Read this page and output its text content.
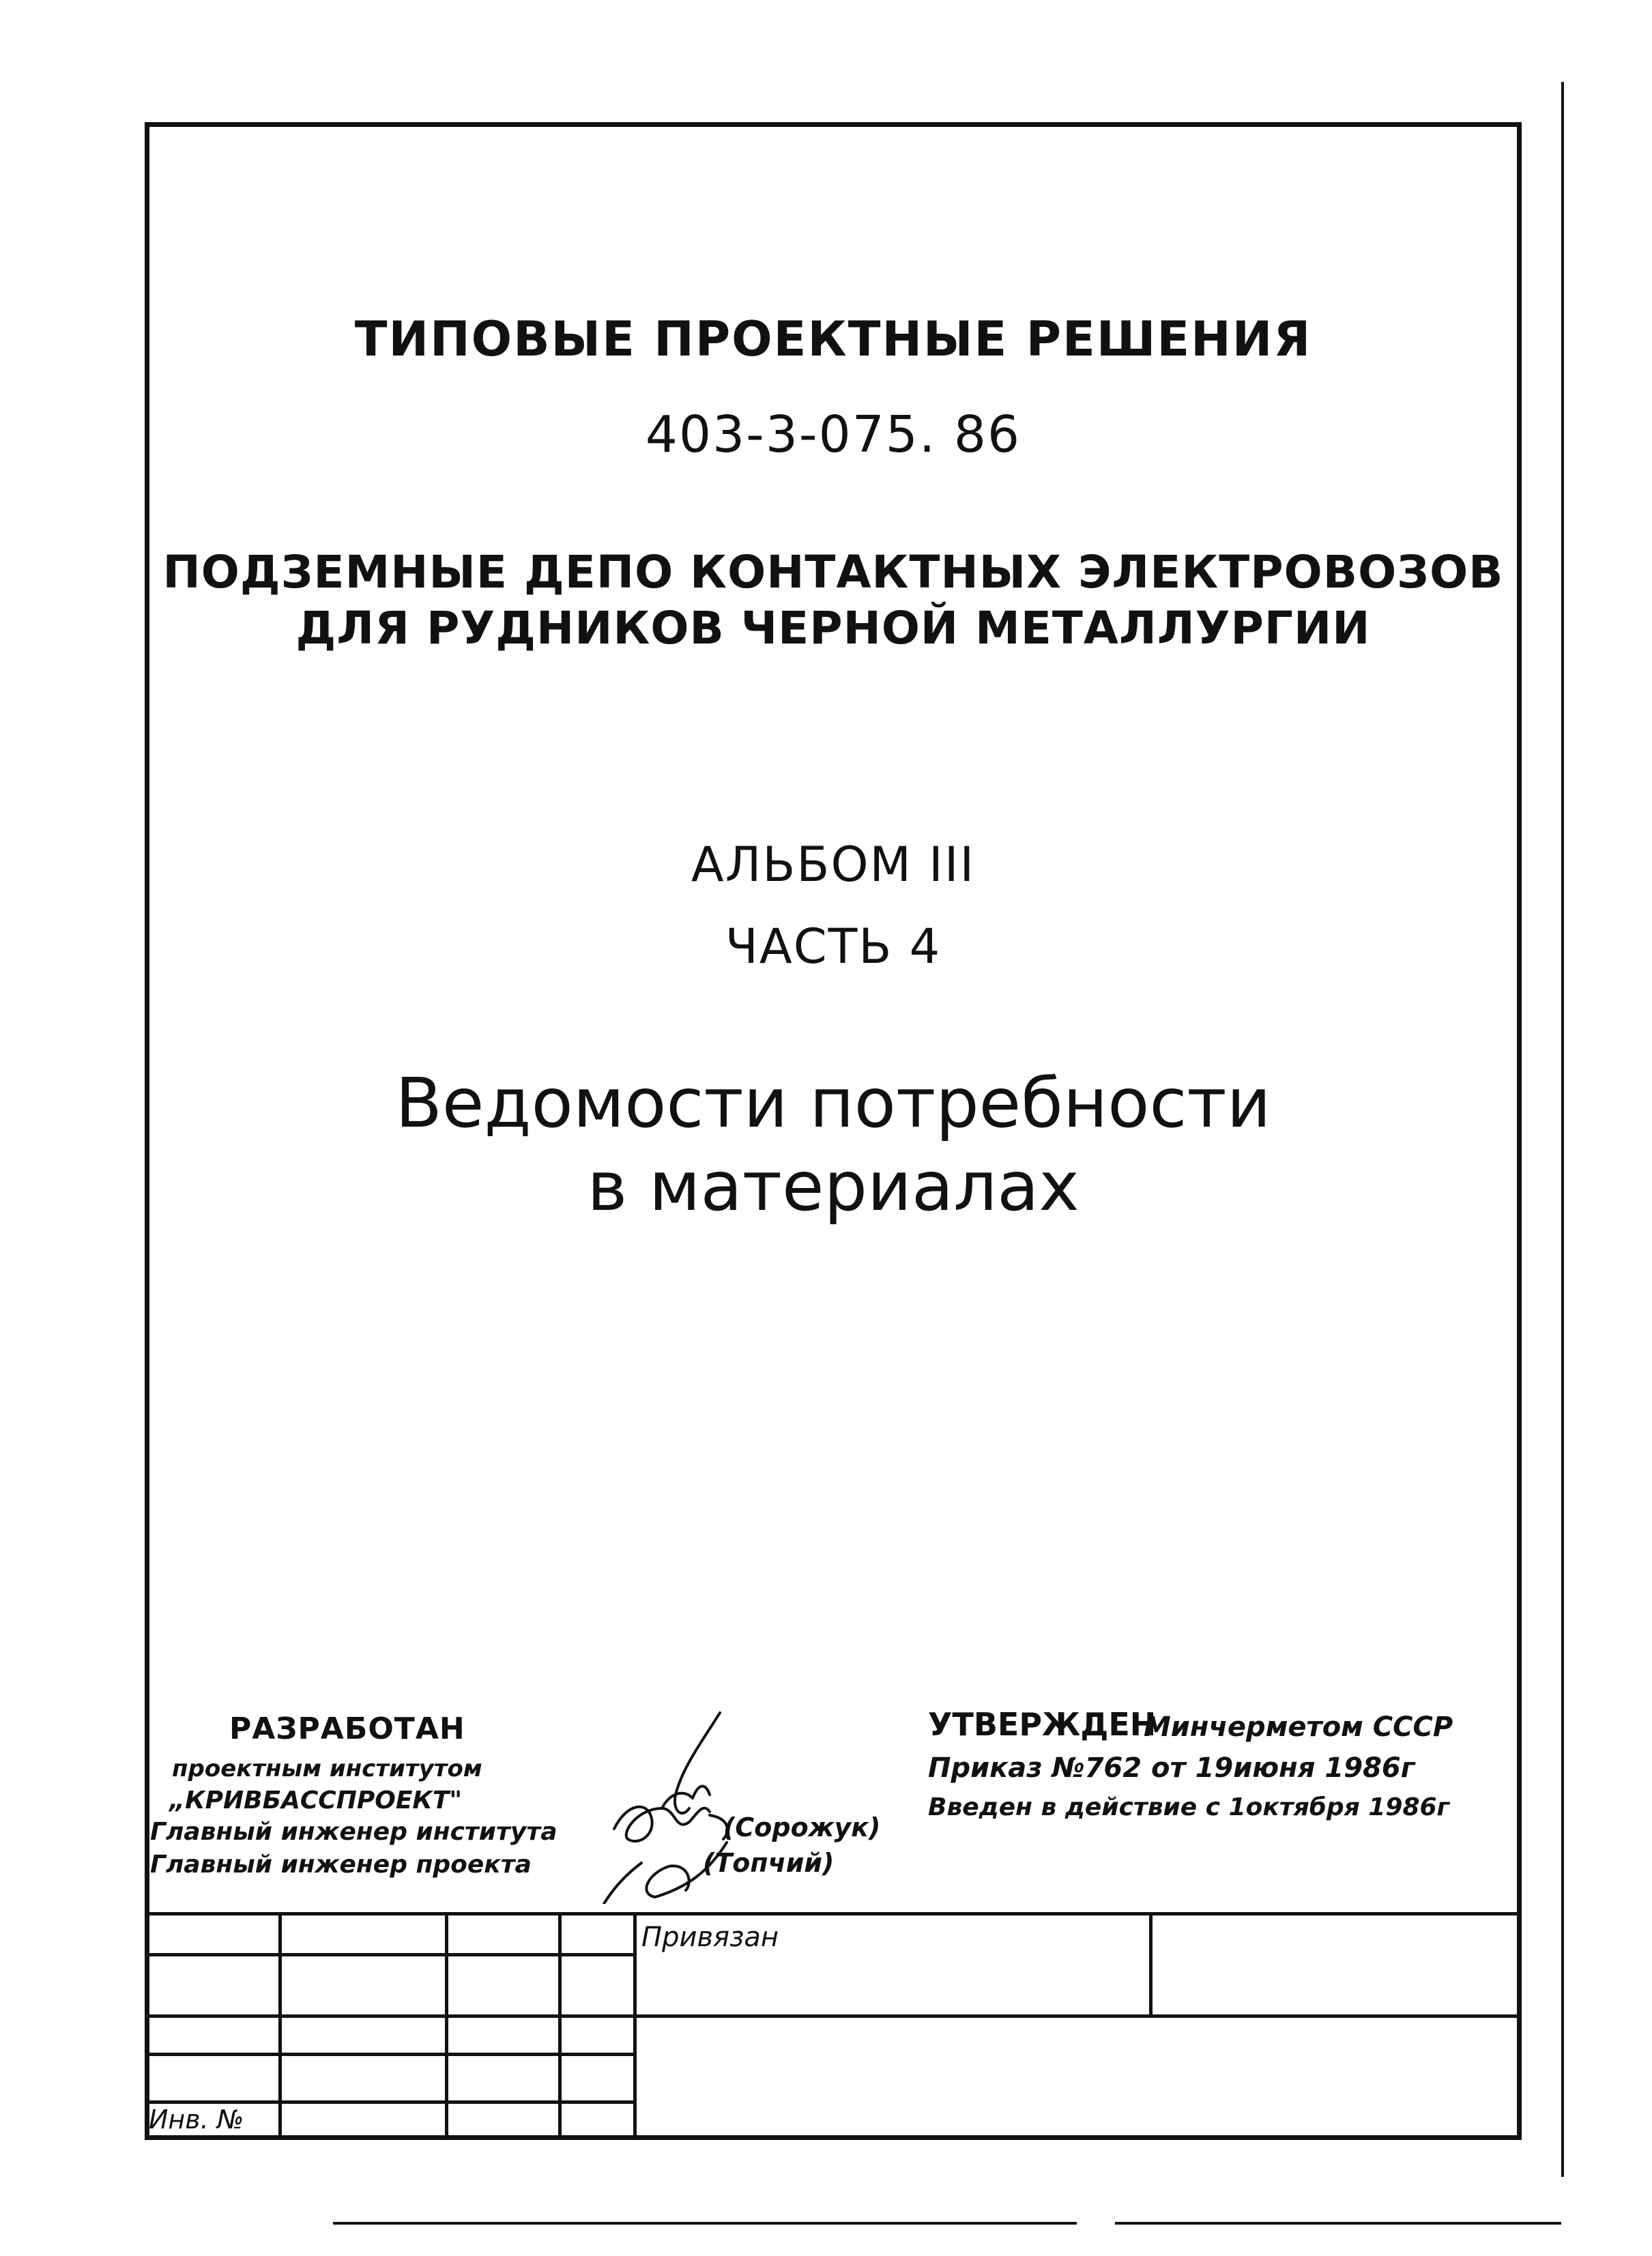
ТИПОВЫЕ ПРОЕКТНЫЕ РЕШЕНИЯ
403-3-075. 86
ПОДЗЕМНЫЕ ДЕПО КОНТАКТНЫХ ЭЛЕКТРОВОЗОВ
ДЛЯ РУДНИКОВ ЧЕРНОЙ МЕТАЛЛУРГИИ
АЛЬБОМ III
ЧАСТЬ 4
Ведомости потребности
в материалах
РАЗРАБОТАН
проектным институтом
„КРИВБАССПРОЕКТ"
Главный инженер института
Главный инженер проекта
(Сорожук)
(Топчий)
УТВЕРЖДЕН
Минчерметом СССР
Приказ №762 от 19июня 1986г
Введен в действие с 1октября 1986г
Привязан
Инв. №
